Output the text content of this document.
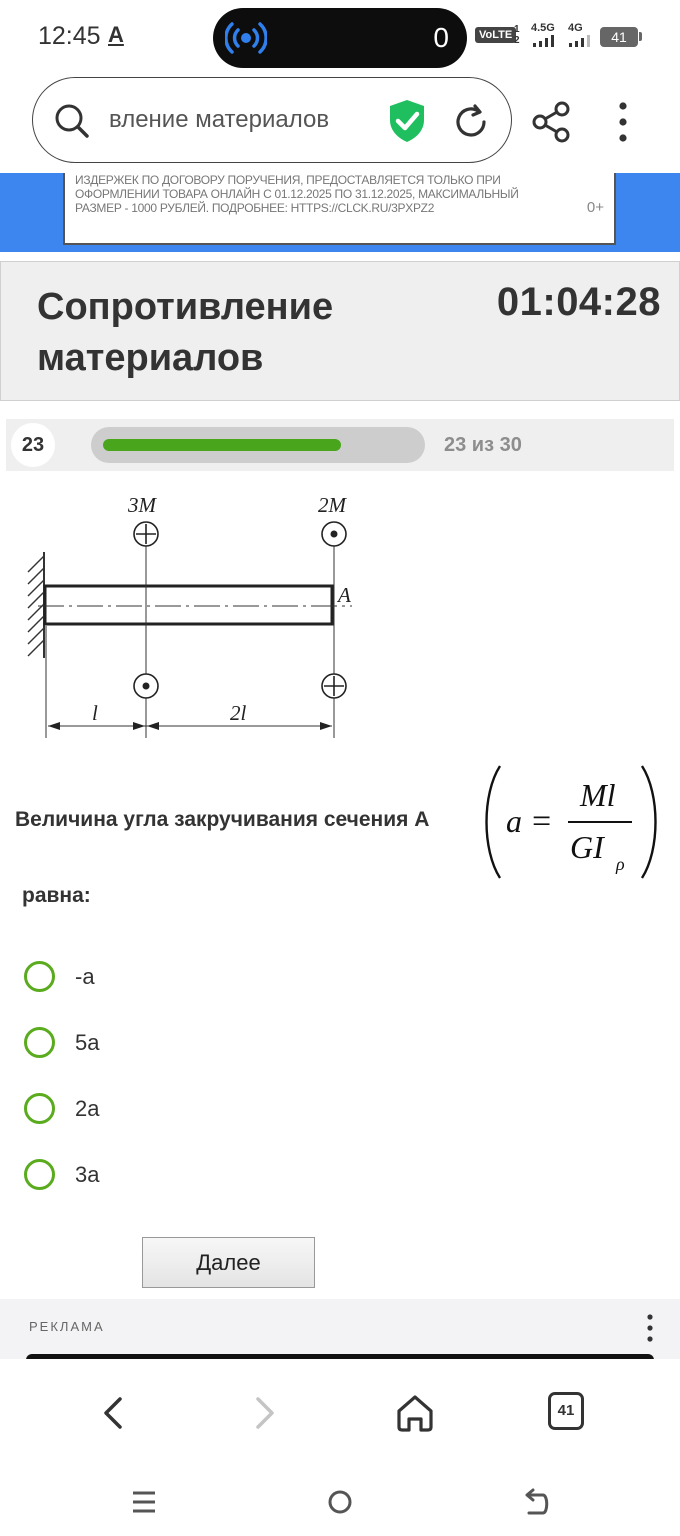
12:45 A	0	VoLTE 1
2
4.5G 4G
41
вление материалов
ИЗДЕРЖЕК ПО ДОГОВОРУ ПОРУЧЕНИЯ, ПРЕДОСТАВЛЯЕТСЯ ТОЛЬКО ПРИ ОФОРМЛЕНИИ ТОВАРА ОНЛАЙН С 01.12.2025 ПО 31.12.2025, МАКСИМАЛЬНЫЙ РАЗМЕР - 1000 РУБЛЕЙ. ПОДРОБНЕЕ: HTTPS://CLCK.RU/3PXPZ2	0+
Сопротивление материалов
01:04:28
23	23 из 30
3M	2M
A
l	2l
Величина угла закручивания сечения А a =
Ml
GI ρ
равна:
-a
5a
2a
3a
Далее
РЕКЛАМА
41
